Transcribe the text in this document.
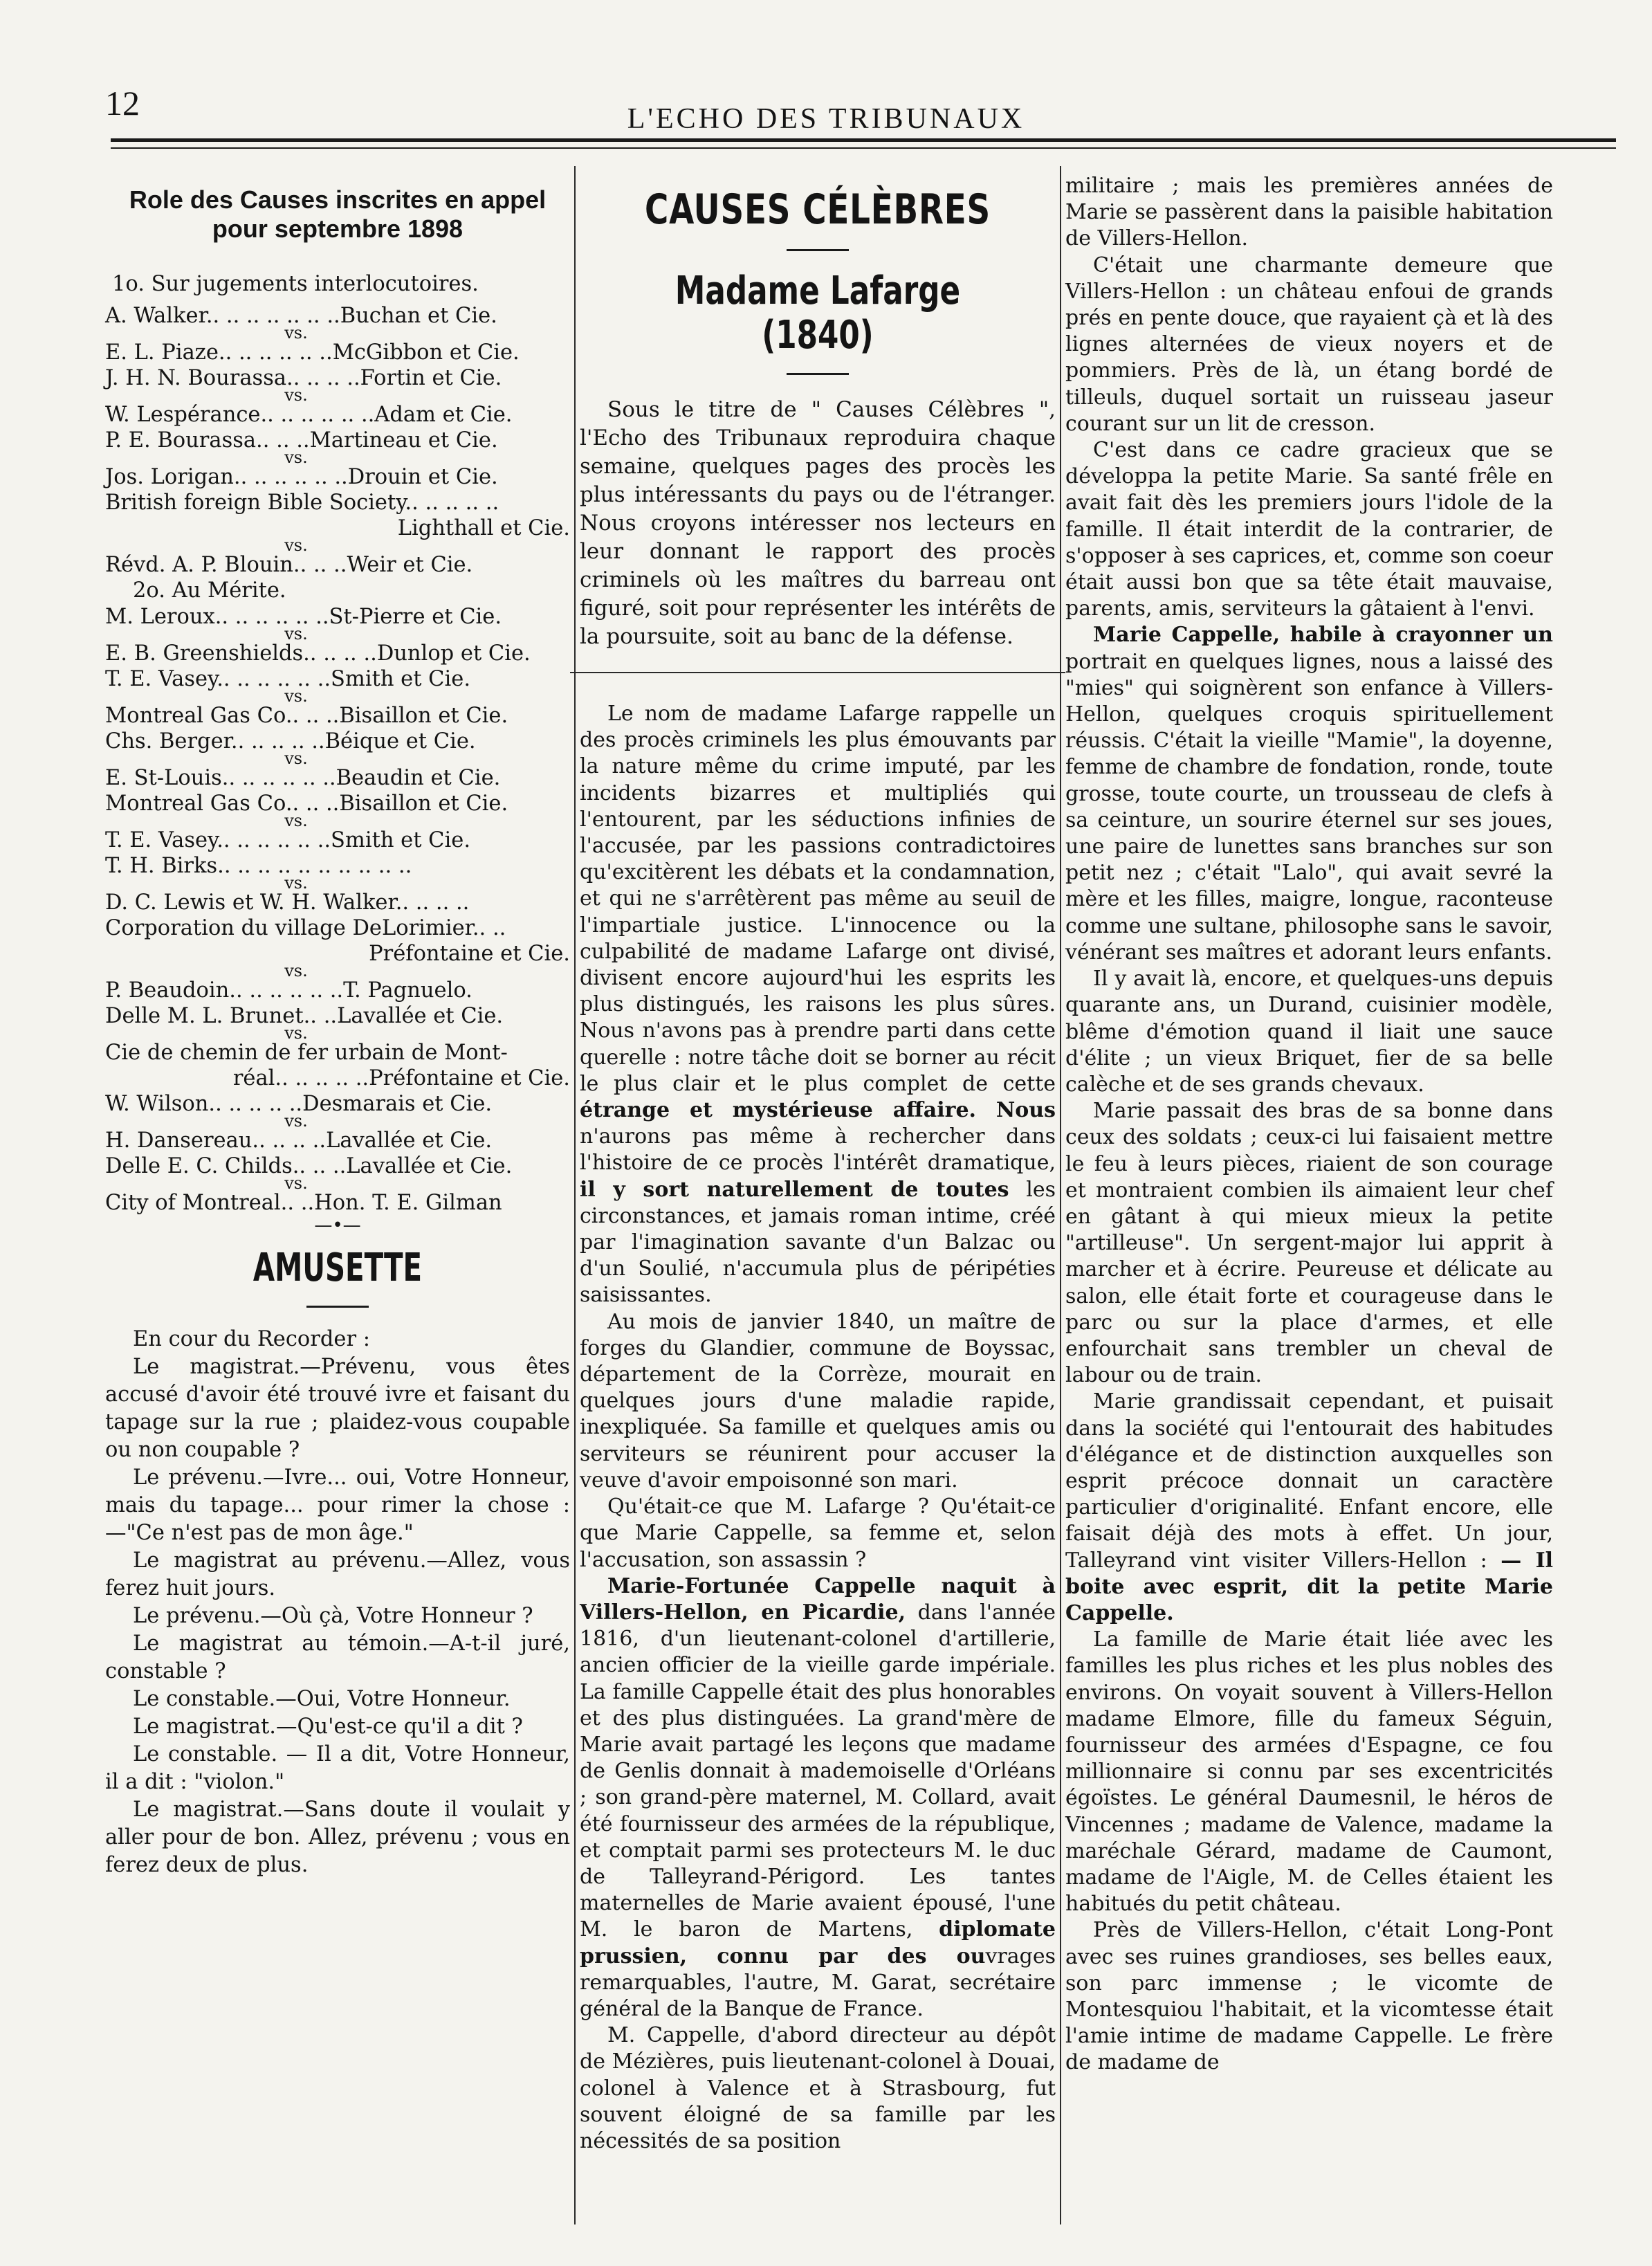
12	L'ECHO DES TRIBUNAUX
Role des Causes inscrites en appel
pour septembre 1898
1o. Sur jugements interlocutoires.
A. Walker.. .. .. .. .. .. ..Buchan et Cie.
vs.
E. L. Piaze.. .. .. .. .. ..McGibbon et Cie.
J. H. N. Bourassa.. .. .. ..Fortin et Cie.
vs.
W. Lespérance.. .. .. .. .. ..Adam et Cie.
P. E. Bourassa.. .. ..Martineau et Cie.
vs.
Jos. Lorigan.. .. .. .. .. ..Drouin et Cie.
British foreign Bible Society.. .. .. .. ..
Lighthall et Cie.
vs.
Révd. A. P. Blouin.. .. ..Weir et Cie.
2o. Au Mérite.
M. Leroux.. .. .. .. .. ..St-Pierre et Cie.
vs.
E. B. Greenshields.. .. .. ..Dunlop et Cie.
T. E. Vasey.. .. .. .. .. ..Smith et Cie.
vs.
Montreal Gas Co.. .. ..Bisaillon et Cie.
Chs. Berger.. .. .. .. ..Béique et Cie.
vs.
E. St-Louis.. .. .. .. .. ..Beaudin et Cie.
Montreal Gas Co.. .. ..Bisaillon et Cie.
vs.
T. E. Vasey.. .. .. .. .. ..Smith et Cie.
T. H. Birks.. .. .. .. .. .. .. .. .. ..
vs.
D. C. Lewis et W. H. Walker.. .. .. ..
Corporation du village DeLorimier.. ..
Préfontaine et Cie.
vs.
P. Beaudoin.. .. .. .. .. ..T. Pagnuelo.
Delle M. L. Brunet.. ..Lavallée et Cie.
vs.
Cie de chemin de fer urbain de Mont-
réal.. .. .. .. ..Préfontaine et Cie.
W. Wilson.. .. .. .. ..Desmarais et Cie.
vs.
H. Dansereau.. .. .. ..Lavallée et Cie.
Delle E. C. Childs.. .. ..Lavallée et Cie.
vs.
City of Montreal.. ..Hon. T. E. Gilman
—•—
AMUSETTE

En cour du Recorder :

Le magistrat.—Prévenu, vous êtes accusé d'avoir été trouvé ivre et faisant du tapage sur la rue ; plaidez-vous coupable ou non coupable ?

Le prévenu.—Ivre... oui, Votre Honneur, mais du tapage... pour rimer la chose :—"Ce n'est pas de mon âge."

Le magistrat au prévenu.—Allez, vous ferez huit jours.

Le prévenu.—Où çà, Votre Honneur ?

Le magistrat au témoin.—A-t-il juré, constable ?

Le constable.—Oui, Votre Honneur.

Le magistrat.—Qu'est-ce qu'il a dit ?

Le constable. — Il a dit, Votre Honneur, il a dit : "violon."

Le magistrat.—Sans doute il voulait y aller pour de bon. Allez, prévenu ; vous en ferez deux de plus.

CAUSES CÉLÈBRES
Madame Lafarge (1840)

Sous le titre de " Causes Célèbres ", l'Echo des Tribunaux reproduira chaque semaine, quelques pages des procès les plus intéressants du pays ou de l'étranger. Nous croyons intéresser nos lecteurs en leur donnant le rapport des procès criminels où les maîtres du barreau ont figuré, soit pour représenter les intérêts de la poursuite, soit au banc de la défense.

Le nom de madame Lafarge rappelle un des procès criminels les plus émouvants par la nature même du crime imputé, par les incidents bizarres et multipliés qui l'entourent, par les séductions infinies de l'accusée, par les passions contradictoires qu'excitèrent les débats et la condamnation, et qui ne s'arrêtèrent pas même au seuil de l'impartiale justice. L'innocence ou la culpabilité de madame Lafarge ont divisé, divisent encore aujourd'hui les esprits les plus distingués, les raisons les plus sûres. Nous n'avons pas à prendre parti dans cette querelle : notre tâche doit se borner au récit le plus clair et le plus complet de cette étrange et mystérieuse affaire. Nous n'aurons pas même à rechercher dans l'histoire de ce procès l'intérêt dramatique, il y sort naturellement de toutes les circonstances, et jamais roman intime, créé par l'imagination savante d'un Balzac ou d'un Soulié, n'accumula plus de péripéties saisissantes.

Au mois de janvier 1840, un maître de forges du Glandier, commune de Boyssac, département de la Corrèze, mourait en quelques jours d'une maladie rapide, inexpliquée. Sa famille et quelques amis ou serviteurs se réunirent pour accuser la veuve d'avoir empoisonné son mari.

Qu'était-ce que M. Lafarge ? Qu'était-ce que Marie Cappelle, sa femme et, selon l'accusation, son assassin ?

Marie-Fortunée Cappelle naquit à Villers-Hellon, en Picardie, dans l'année 1816, d'un lieutenant-colonel d'artillerie, ancien officier de la vieille garde impériale. La famille Cappelle était des plus honorables et des plus distinguées. La grand'mère de Marie avait partagé les leçons que madame de Genlis donnait à mademoiselle d'Orléans ; son grand-père maternel, M. Collard, avait été fournisseur des armées de la république, et comptait parmi ses protecteurs M. le duc de Talleyrand-Périgord. Les tantes maternelles de Marie avaient épousé, l'une M. le baron de Martens, diplomate prussien, connu par des ouvrages remarquables, l'autre, M. Garat, secrétaire général de la Banque de France.

M. Cappelle, d'abord directeur au dépôt de Mézières, puis lieutenant-colonel à Douai, colonel à Valence et à Strasbourg, fut souvent éloigné de sa famille par les nécessités de sa position

militaire ; mais les premières années de Marie se passèrent dans la paisible habitation de Villers-Hellon.

C'était une charmante demeure que Villers-Hellon : un château enfoui de grands prés en pente douce, que rayaient çà et là des lignes alternées de vieux noyers et de pommiers. Près de là, un étang bordé de tilleuls, duquel sortait un ruisseau jaseur courant sur un lit de cresson.

C'est dans ce cadre gracieux que se développa la petite Marie. Sa santé frêle en avait fait dès les premiers jours l'idole de la famille. Il était interdit de la contrarier, de s'opposer à ses caprices, et, comme son coeur était aussi bon que sa tête était mauvaise, parents, amis, serviteurs la gâtaient à l'envi.

Marie Cappelle, habile à crayonner un portrait en quelques lignes, nous a laissé des "mies" qui soignèrent son enfance à Villers-Hellon, quelques croquis spirituellement réussis. C'était la vieille "Mamie", la doyenne, femme de chambre de fondation, ronde, toute grosse, toute courte, un trousseau de clefs à sa ceinture, un sourire éternel sur ses joues, une paire de lunettes sans branches sur son petit nez ; c'était "Lalo", qui avait sevré la mère et les filles, maigre, longue, raconteuse comme une sultane, philosophe sans le savoir, vénérant ses maîtres et adorant leurs enfants.

Il y avait là, encore, et quelques-uns depuis quarante ans, un Durand, cuisinier modèle, blême d'émotion quand il liait une sauce d'élite ; un vieux Briquet, fier de sa belle calèche et de ses grands chevaux.

Marie passait des bras de sa bonne dans ceux des soldats ; ceux-ci lui faisaient mettre le feu à leurs pièces, riaient de son courage et montraient combien ils aimaient leur chef en gâtant à qui mieux mieux la petite "artilleuse". Un sergent-major lui apprit à marcher et à écrire. Peureuse et délicate au salon, elle était forte et courageuse dans le parc ou sur la place d'armes, et elle enfourchait sans trembler un cheval de labour ou de train.

Marie grandissait cependant, et puisait dans la société qui l'entourait des habitudes d'élégance et de distinction auxquelles son esprit précoce donnait un caractère particulier d'originalité. Enfant encore, elle faisait déjà des mots à effet. Un jour, Talleyrand vint visiter Villers-Hellon : — Il boite avec esprit, dit la petite Marie Cappelle.

La famille de Marie était liée avec les familles les plus riches et les plus nobles des environs. On voyait souvent à Villers-Hellon madame Elmore, fille du fameux Séguin, fournisseur des armées d'Espagne, ce fou millionnaire si connu par ses excentricités égoïstes. Le général Daumesnil, le héros de Vincennes ; madame de Valence, madame la maréchale Gérard, madame de Caumont, madame de l'Aigle, M. de Celles étaient les habitués du petit château.

Près de Villers-Hellon, c'était Long-Pont avec ses ruines grandioses, ses belles eaux, son parc immense ; le vicomte de Montesquiou l'habitait, et la vicomtesse était l'amie intime de madame Cappelle. Le frère de madame de
